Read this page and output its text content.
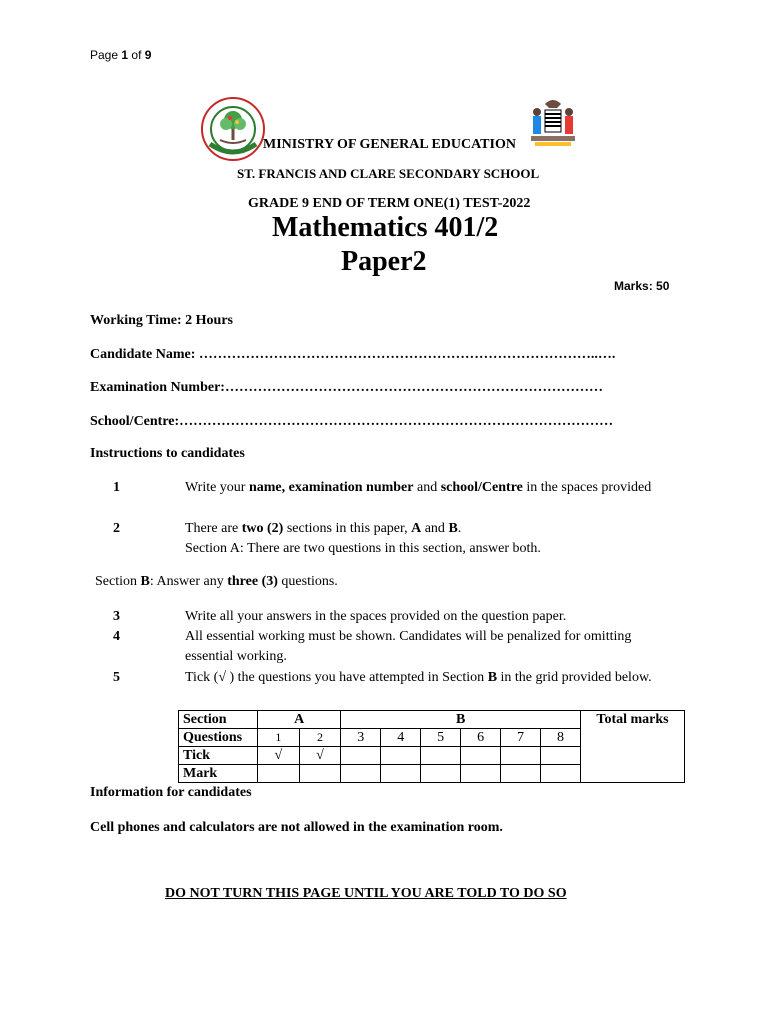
Page 1 of 9
MINISTRY OF GENERAL EDUCATION
ST. FRANCIS AND CLARE SECONDARY SCHOOL
GRADE 9 END OF TERM ONE(1) TEST-2022
Mathematics 401/2
Paper2
Marks: 50
Working Time: 2 Hours
Candidate Name: …………………………………………………………………………..….
Examination Number:………………………………………………………………………
School/Centre:…………………………………………………………………………………
Instructions to candidates
1	Write your name, examination number and school/Centre in the spaces provided
2	There are two (2) sections in this paper, A and B.
Section A: There are two questions in this section, answer both.
Section B: Answer any three (3) questions.
3	Write all your answers in the spaces provided on the question paper.
4	All essential working must be shown. Candidates will be penalized for omitting essential working.
5	Tick (√ ) the questions you have attempted in Section B in the grid provided below.
Section	A		B						Total marks
Questions	1	2	3	4	5	6	7	8	
Tick	√	√							
Mark									
Information for candidates
Cell phones and calculators are not allowed in the examination room.
DO NOT TURN THIS PAGE UNTIL YOU ARE TOLD TO DO SO
